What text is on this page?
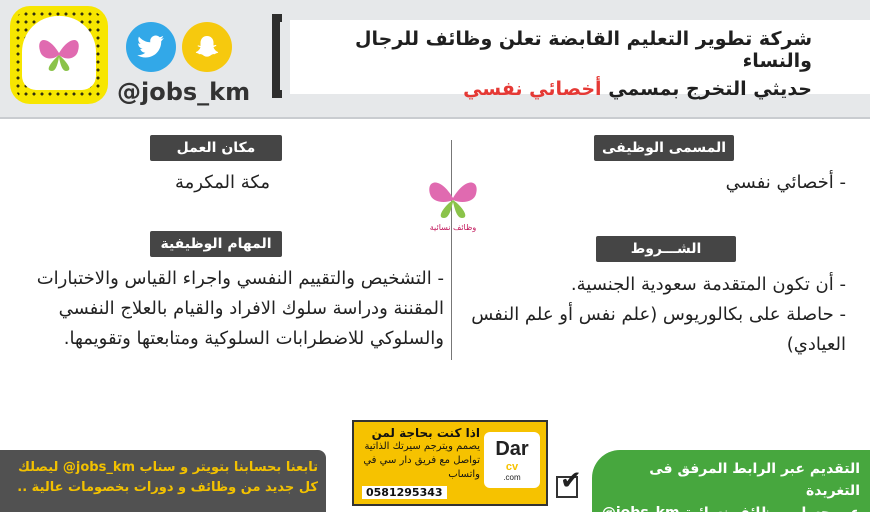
@jobs_km
شركة تطوير التعليم القابضة تعلن وظائف للرجال والنساء
حديثي التخرج بمسمي أخصائي نفسي
وظائف نسائية
المسمى الوظيفى
- أخصائي نفسي
مكان العمل
مكة المكرمة
المهام الوظيفية
- التشخيص والتقييم النفسي واجراء القياس والاختبارات المقننة ودراسة سلوك الافراد والقيام بالعلاج النفسي والسلوكي للاضطرابات السلوكية ومتابعتها وتقويمها.
الشـــروط
- أن تكون المتقدمة سعودية الجنسية.
- حاصلة على بكالوريوس (علم نفس أو علم النفس العيادي)
تابعنا بحسابنا بتويتر و سناب jobs_km@ ليصلك
كل جديد من وظائف و دورات بخصومات عالية ..
اذا كنت بحاجة لمن
يصمم ويترجم سيرتك الذاتية
تواصل مع فريق دار سي في
واتساب
0581295343
Dar
cv
.com ✔	التقديم عبر الرابط المرفق فى التغريدة
عبر حساب وظائف نسائية jobs_km@
